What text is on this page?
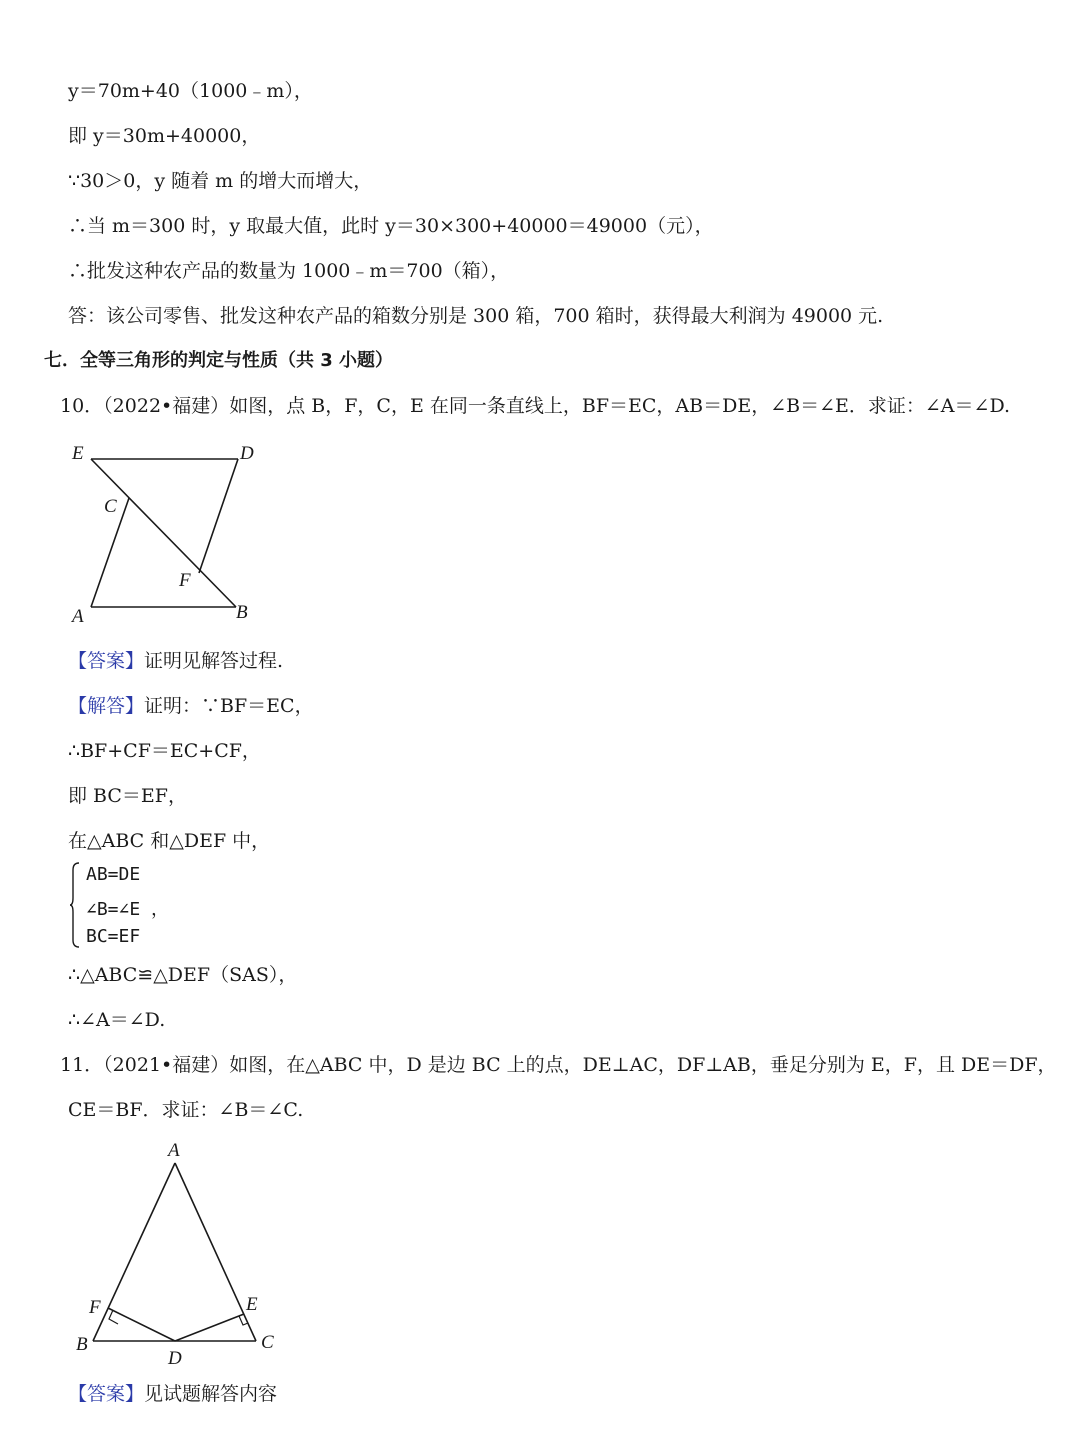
y＝70m+40（1000﹣m），
即 y＝30m+40000，
∵30＞0，y 随着 m 的增大而增大，
∴当 m＝300 时，y 取最大值，此时 y＝30×300+40000＝49000（元），
∴批发这种农产品的数量为 1000﹣m＝700（箱），
答：该公司零售、批发这种农产品的箱数分别是 300 箱，700 箱时，获得最大利润为 49000 元.
七．全等三角形的判定与性质（共 3 小题）
10．（2022•福建）如图，点 B，F，C，E 在同一条直线上，BF＝EC，AB＝DE，∠B＝∠E．求证：∠A＝∠D.
E	D
C
F
A	B
【答案】证明见解答过程.
【解答】证明：∵BF＝EC，
∴BF+CF＝EC+CF，
即 BC＝EF，
在△ABC 和△DEF 中，
AB=DE
∠B=∠E ，
BC=EF
∴△ABC≌△DEF（SAS），
∴∠A＝∠D.
11．（2021•福建）如图，在△ABC 中，D 是边 BC 上的点，DE⊥AC，DF⊥AB，垂足分别为 E，F，且 DE＝DF，
CE＝BF．求证：∠B＝∠C.
A
B	C
D
E
F
【答案】见试题解答内容
